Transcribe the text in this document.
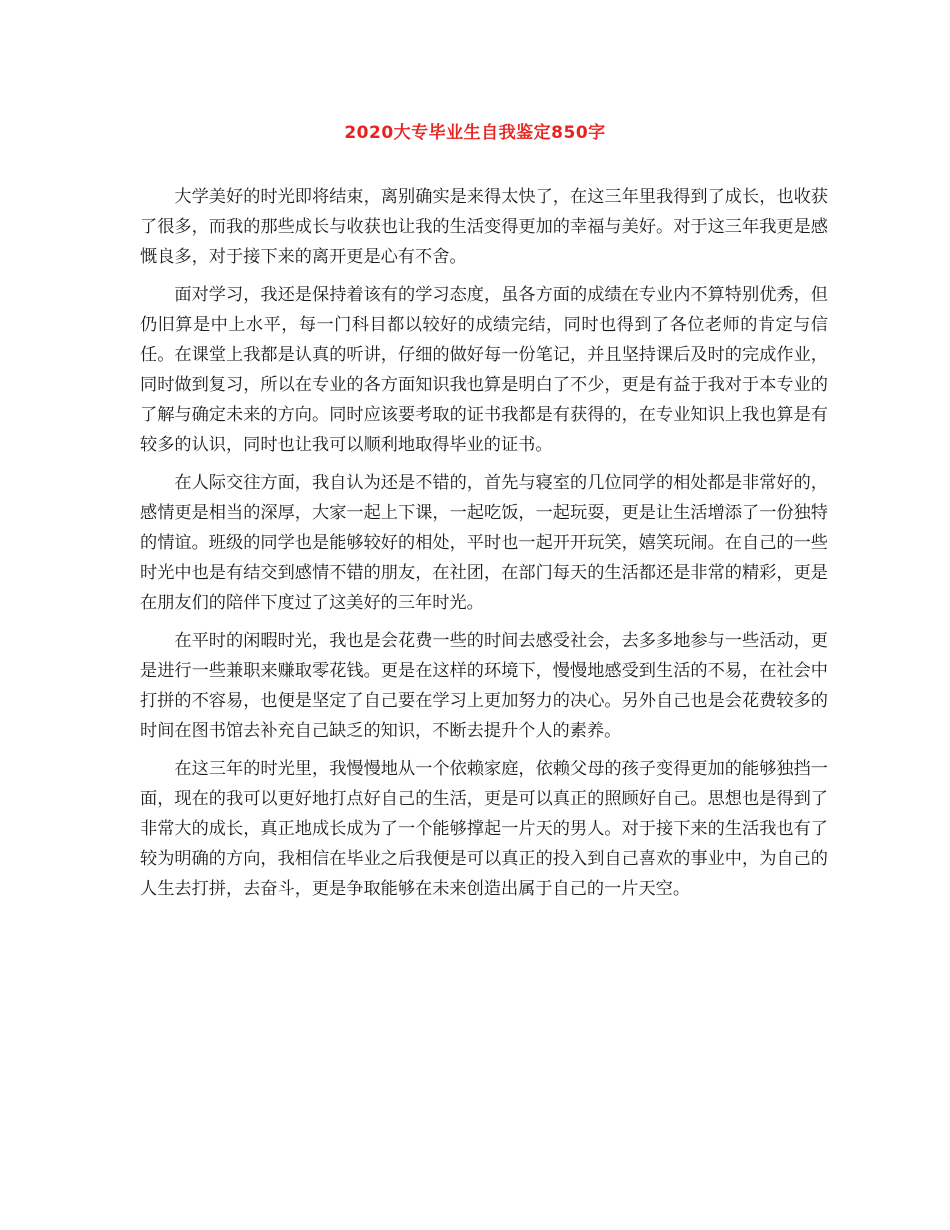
2020大专毕业生自我鉴定850字

大学美好的时光即将结束，离别确实是来得太快了，在这三年里我得到了成长，也收获了很多，而我的那些成长与收获也让我的生活变得更加的幸福与美好。对于这三年我更是感慨良多，对于接下来的离开更是心有不舍。

面对学习，我还是保持着该有的学习态度，虽各方面的成绩在专业内不算特别优秀，但仍旧算是中上水平，每一门科目都以较好的成绩完结，同时也得到了各位老师的肯定与信任。在课堂上我都是认真的听讲，仔细的做好每一份笔记，并且坚持课后及时的完成作业，同时做到复习，所以在专业的各方面知识我也算是明白了不少，更是有益于我对于本专业的了解与确定未来的方向。同时应该要考取的证书我都是有获得的，在专业知识上我也算是有较多的认识，同时也让我可以顺利地取得毕业的证书。

在人际交往方面，我自认为还是不错的，首先与寝室的几位同学的相处都是非常好的，感情更是相当的深厚，大家一起上下课，一起吃饭，一起玩耍，更是让生活增添了一份独特的情谊。班级的同学也是能够较好的相处，平时也一起开开玩笑，嬉笑玩闹。在自己的一些时光中也是有结交到感情不错的朋友，在社团，在部门每天的生活都还是非常的精彩，更是在朋友们的陪伴下度过了这美好的三年时光。

在平时的闲暇时光，我也是会花费一些的时间去感受社会，去多多地参与一些活动，更是进行一些兼职来赚取零花钱。更是在这样的环境下，慢慢地感受到生活的不易，在社会中打拼的不容易，也便是坚定了自己要在学习上更加努力的决心。另外自己也是会花费较多的时间在图书馆去补充自己缺乏的知识，不断去提升个人的素养。

在这三年的时光里，我慢慢地从一个依赖家庭，依赖父母的孩子变得更加的能够独挡一面，现在的我可以更好地打点好自己的生活，更是可以真正的照顾好自己。思想也是得到了非常大的成长，真正地成长成为了一个能够撑起一片天的男人。对于接下来的生活我也有了较为明确的方向，我相信在毕业之后我便是可以真正的投入到自己喜欢的事业中，为自己的人生去打拼，去奋斗，更是争取能够在未来创造出属于自己的一片天空。
